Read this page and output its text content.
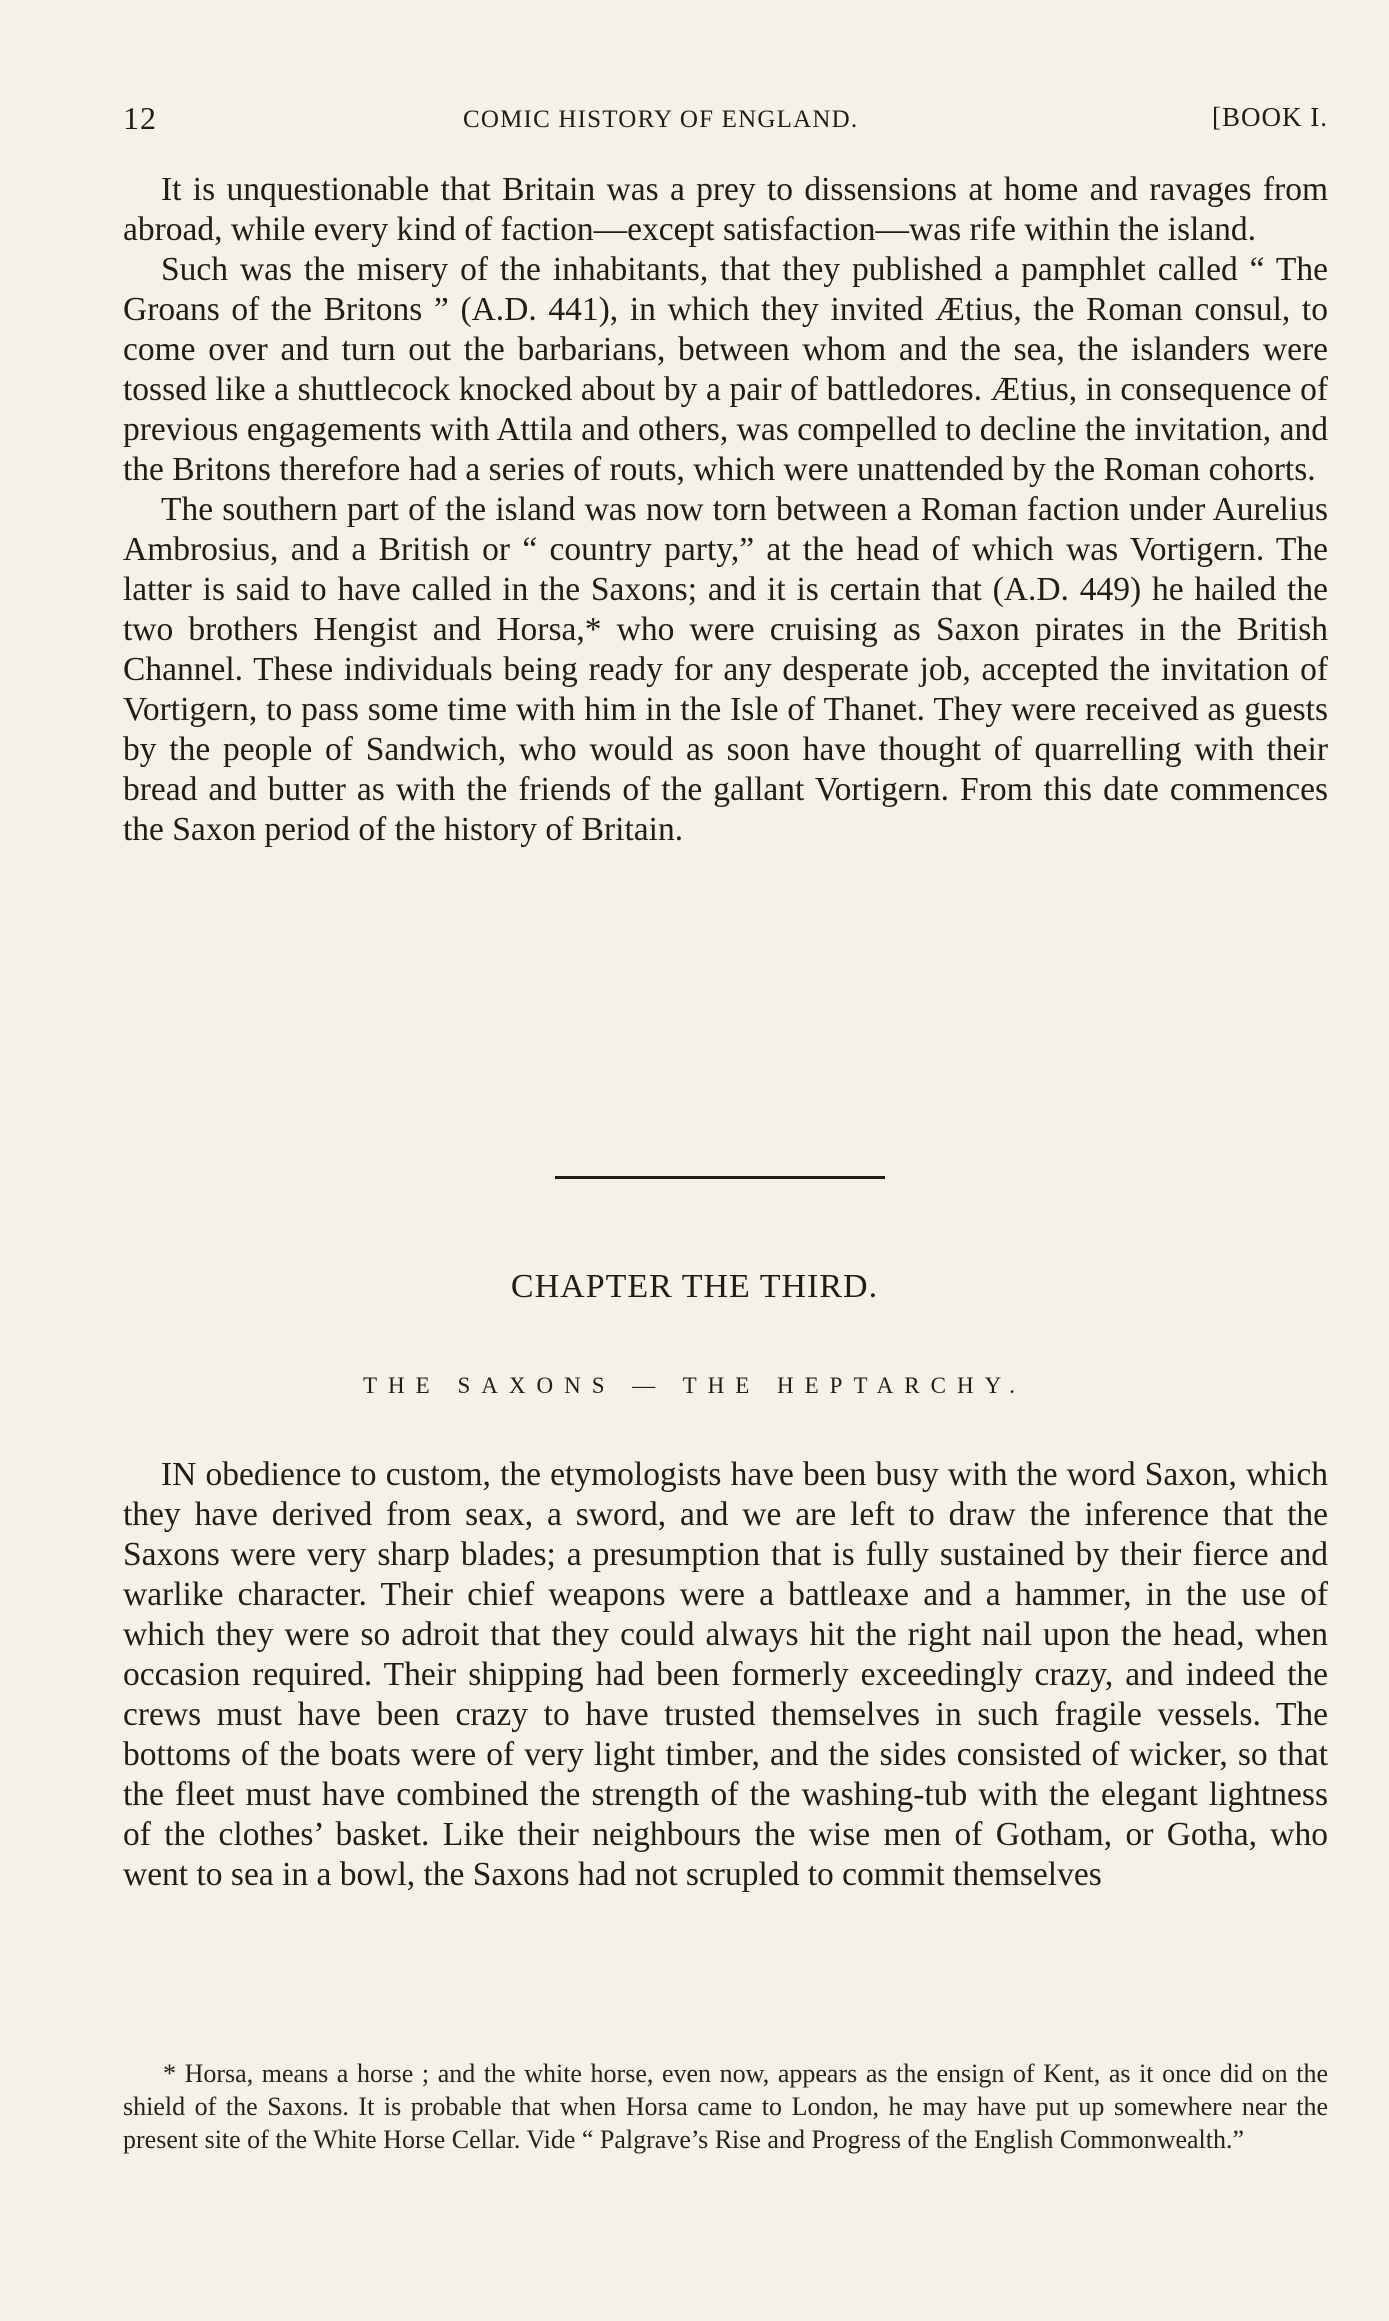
12	COMIC HISTORY OF ENGLAND.	[BOOK I.

It is unquestionable that Britain was a prey to dissensions at home and ravages from abroad, while every kind of faction—except satisfaction—was rife within the island.

Such was the misery of the inhabitants, that they published a pamphlet called “ The Groans of the Britons ” (A.D. 441), in which they invited Ætius, the Roman consul, to come over and turn out the barbarians, between whom and the sea, the islanders were tossed like a shuttlecock knocked about by a pair of battledores. Ætius, in consequence of previous engagements with Attila and others, was compelled to decline the invitation, and the Britons therefore had a series of routs, which were unattended by the Roman cohorts.

The southern part of the island was now torn between a Roman faction under Aurelius Ambrosius, and a British or “ country party,” at the head of which was Vortigern. The latter is said to have called in the Saxons; and it is certain that (A.D. 449) he hailed the two brothers Hengist and Horsa,* who were cruising as Saxon pirates in the British Channel. These individuals being ready for any desperate job, accepted the invitation of Vortigern, to pass some time with him in the Isle of Thanet. They were received as guests by the people of Sandwich, who would as soon have thought of quarrelling with their bread and butter as with the friends of the gallant Vortigern. From this date commences the Saxon period of the history of Britain.

CHAPTER THE THIRD.
THE SAXONS — THE HEPTARCHY.

IN obedience to custom, the etymologists have been busy with the word Saxon, which they have derived from seax, a sword, and we are left to draw the inference that the Saxons were very sharp blades; a presumption that is fully sustained by their fierce and warlike character. Their chief weapons were a battleaxe and a hammer, in the use of which they were so adroit that they could always hit the right nail upon the head, when occasion required. Their shipping had been formerly exceedingly crazy, and indeed the crews must have been crazy to have trusted themselves in such fragile vessels. The bottoms of the boats were of very light timber, and the sides consisted of wicker, so that the fleet must have combined the strength of the washing-tub with the elegant lightness of the clothes’ basket. Like their neighbours the wise men of Gotham, or Gotha, who went to sea in a bowl, the Saxons had not scrupled to commit themselves

* Horsa, means a horse ; and the white horse, even now, appears as the ensign of Kent, as it once did on the shield of the Saxons. It is probable that when Horsa came to London, he may have put up somewhere near the present site of the White Horse Cellar. Vide “ Palgrave’s Rise and Progress of the English Commonwealth.”
